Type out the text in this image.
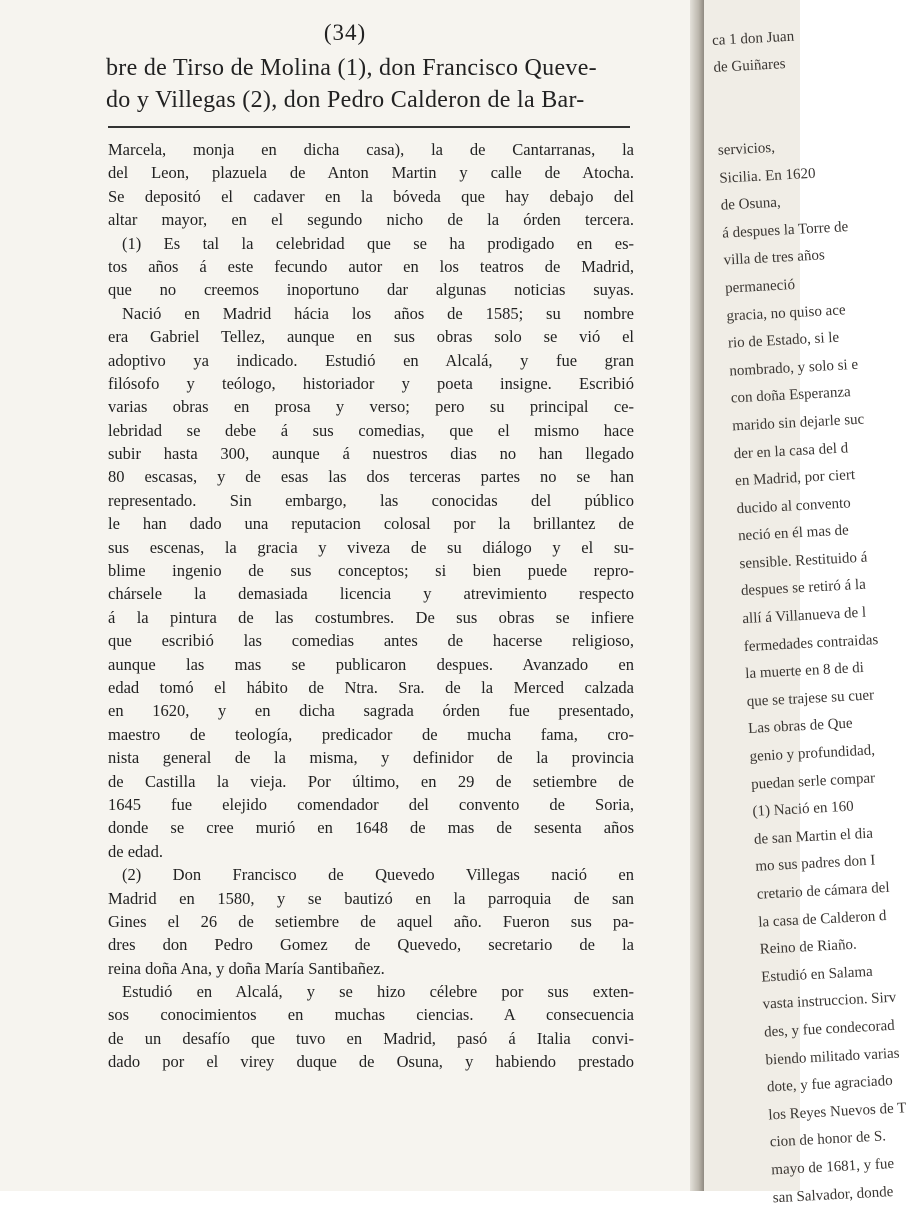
(34)
bre de Tirso de Molina (1), don Francisco Queve-
do y Villegas (2), don Pedro Calderon de la Bar-
Marcela, monja en dicha casa), la de Cantarranas, la
del Leon, plazuela de Anton Martin y calle de Atocha.
Se depositó el cadaver en la bóveda que hay debajo del
altar mayor, en el segundo nicho de la órden tercera.
(1) Es tal la celebridad que se ha prodigado en es-
tos años á este fecundo autor en los teatros de Madrid,
que no creemos inoportuno dar algunas noticias suyas.
Nació en Madrid hácia los años de 1585; su nombre
era Gabriel Tellez, aunque en sus obras solo se vió el
adoptivo ya indicado. Estudió en Alcalá, y fue gran
filósofo y teólogo, historiador y poeta insigne. Escribió
varias obras en prosa y verso; pero su principal ce-
lebridad se debe á sus comedias, que el mismo hace
subir hasta 300, aunque á nuestros dias no han llegado
80 escasas, y de esas las dos terceras partes no se han
representado. Sin embargo, las conocidas del público
le han dado una reputacion colosal por la brillantez de
sus escenas, la gracia y viveza de su diálogo y el su-
blime ingenio de sus conceptos; si bien puede repro-
chársele la demasiada licencia y atrevimiento respecto
á la pintura de las costumbres. De sus obras se infiere
que escribió las comedias antes de hacerse religioso,
aunque las mas se publicaron despues. Avanzado en
edad tomó el hábito de Ntra. Sra. de la Merced calzada
en 1620, y en dicha sagrada órden fue presentado,
maestro de teología, predicador de mucha fama, cro-
nista general de la misma, y definidor de la provincia
de Castilla la vieja. Por último, en 29 de setiembre de
1645 fue elejido comendador del convento de Soria,
donde se cree murió en 1648 de mas de sesenta años
de edad.
(2) Don Francisco de Quevedo Villegas nació en
Madrid en 1580, y se bautizó en la parroquia de san
Gines el 26 de setiembre de aquel año. Fueron sus pa-
dres don Pedro Gomez de Quevedo, secretario de la
reina doña Ana, y doña María Santibañez.
Estudió en Alcalá, y se hizo célebre por sus exten-
sos conocimientos en muchas ciencias. A consecuencia
de un desafío que tuvo en Madrid, pasó á Italia convi-
dado por el virey duque de Osuna, y habiendo prestado
ca 1 don Juan
de Guiñares
servicios,
Sicilia. En 1620
de Osuna,
á despues la Torre de
villa de tres años
permaneció
gracia, no quiso ace
rio de Estado, si le
nombrado, y solo si e
con doña Esperanza
marido sin dejarle suc
der en la casa del d
en Madrid, por ciert
ducido al convento
neció en él mas de
sensible. Restituido á
despues se retiró á la
allí á Villanueva de l
fermedades contraidas
la muerte en 8 de di
que se trajese su cuer
Las obras de Que
genio y profundidad,
puedan serle compar
(1) Nació en 160
de san Martin el dia
mo sus padres don I
cretario de cámara del
la casa de Calderon d
Reino de Riaño.
Estudió en Salama
vasta instruccion. Sirv
des, y fue condecorad
biendo militado varias
dote, y fue agraciado
los Reyes Nuevos de T
cion de honor de S.
mayo de 1681, y fue
san Salvador, donde
